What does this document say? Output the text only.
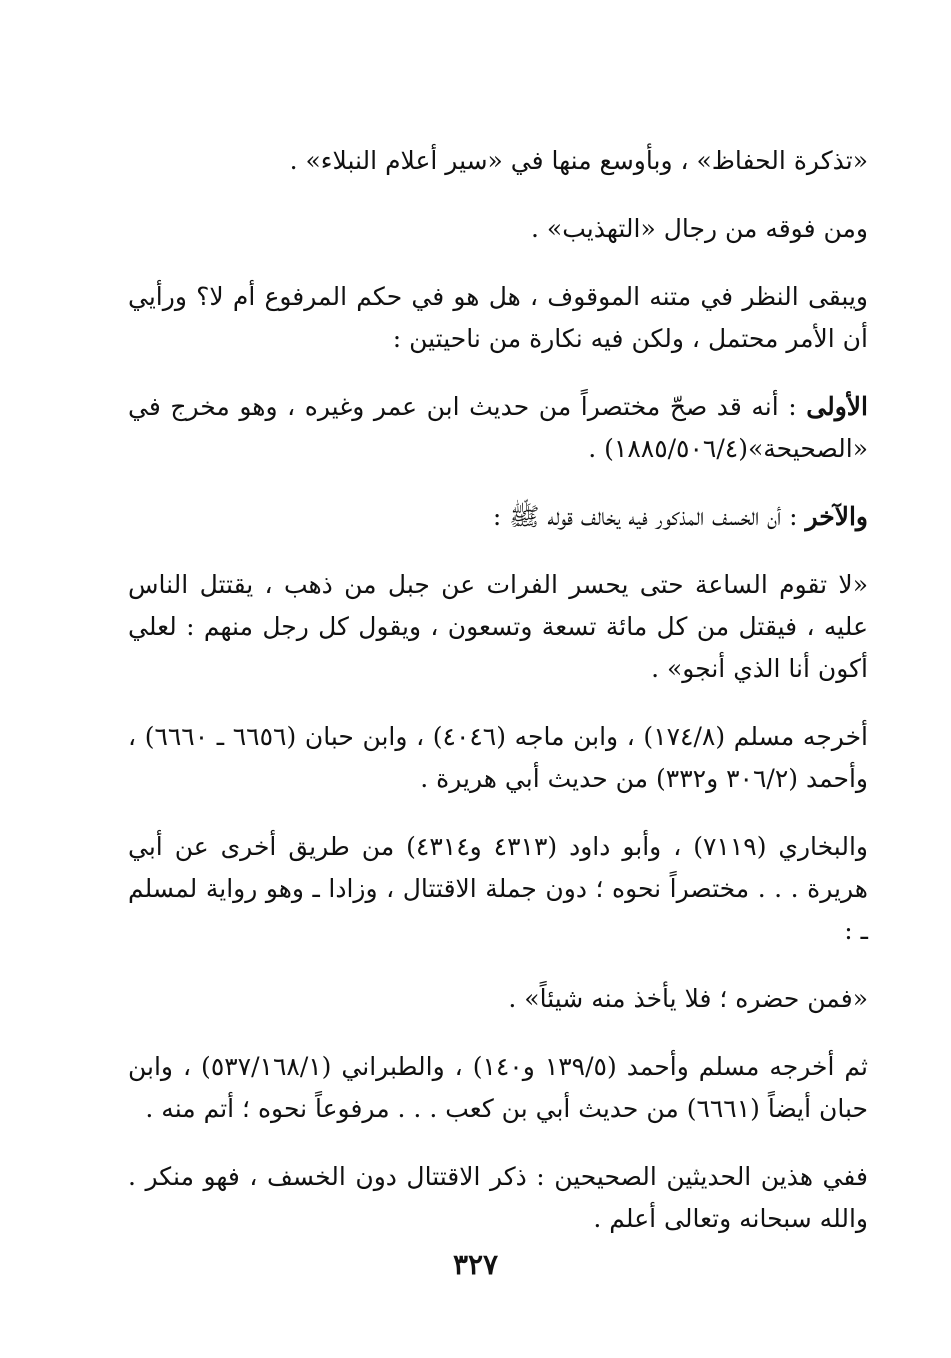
«تذكرة الحفاظ» ، وبأوسع منها في «سير أعلام النبلاء» .

ومن فوقه من رجال «التهذيب» .

ويبقى النظر في متنه الموقوف ، هل هو في حكم المرفوع أم لا؟ ورأيي أن الأمر محتمل ، ولكن فيه نكارة من ناحيتين :

الأولى : أنه قد صحّ مختصراً من حديث ابن عمر وغيره ، وهو مخرج في «الصحيحة»(١٨٨٥/٥٠٦/٤) .

والآخر : أن الخسف المذكور فيه يخالف قوله ﷺ :

«لا تقوم الساعة حتى يحسر الفرات عن جبل من ذهب ، يقتتل الناس عليه ، فيقتل من كل مائة تسعة وتسعون ، ويقول كل رجل منهم : لعلي أكون أنا الذي أنجو» .

أخرجه مسلم (١٧٤/٨) ، وابن ماجه (٤٠٤٦) ، وابن حبان (٦٦٥٦ ـ ٦٦٦٠) ، وأحمد (٣٠٦/٢ و٣٣٢) من حديث أبي هريرة .

والبخاري (٧١١٩) ، وأبو داود (٤٣١٣ و٤٣١٤) من طريق أخرى عن أبي هريرة . . . مختصراً نحوه ؛ دون جملة الاقتتال ، وزادا ـ وهو رواية لمسلم ـ :

«فمن حضره ؛ فلا يأخذ منه شيئاً» .

ثم أخرجه مسلم وأحمد (١٣٩/٥ و١٤٠) ، والطبراني (٥٣٧/١٦٨/١) ، وابن حبان أيضاً (٦٦٦١) من حديث أبي بن كعب . . . مرفوعاً نحوه ؛ أتم منه .

ففي هذين الحديثين الصحيحين : ذكر الاقتتال دون الخسف ، فهو منكر . والله سبحانه وتعالى أعلم .

٣٢٧
